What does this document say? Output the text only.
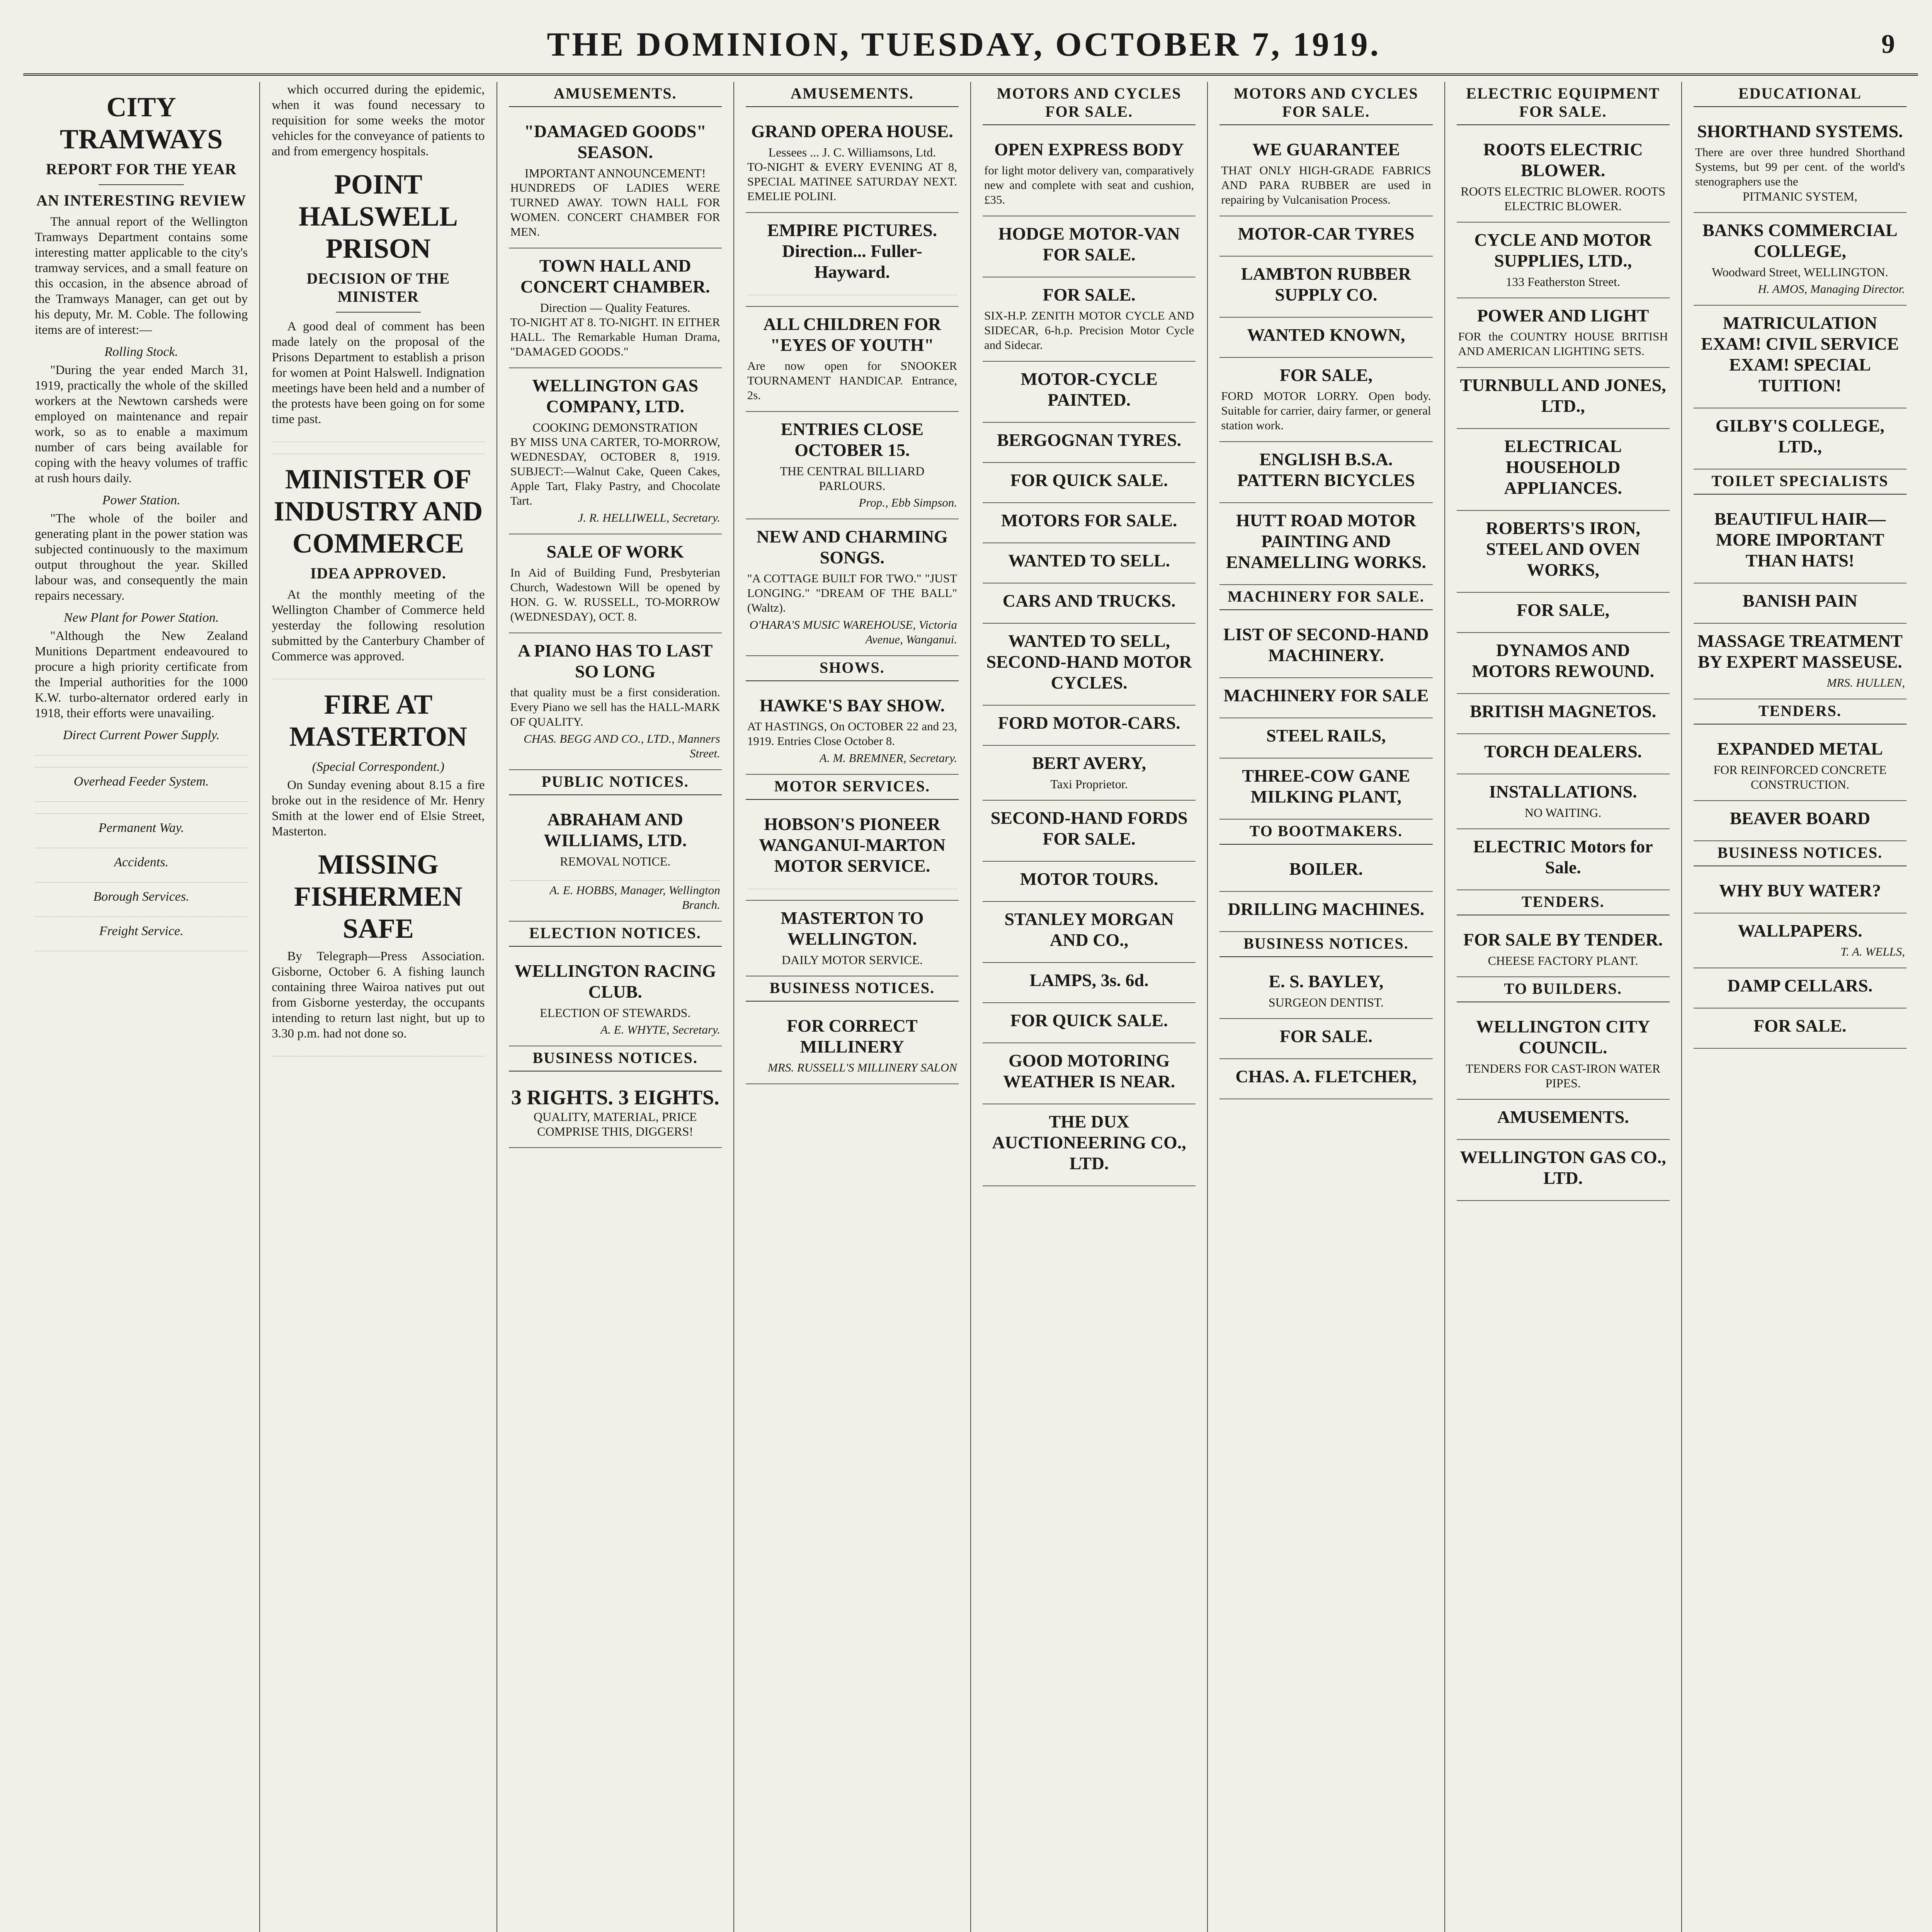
THE DOMINION, TUESDAY, OCTOBER 7, 1919.	9
CITY TRAMWAYS
REPORT FOR THE YEAR
AN INTERESTING REVIEW

The annual report of the Wellington Tramways Department contains some interesting matter applicable to the city's tramway services, and a small feature on this occasion, in the absence abroad of the Tramways Manager, can get out by his deputy, Mr. M. Coble. The following items are of interest:—

Rolling Stock.

"During the year ended March 31, 1919, practically the whole of the skilled workers at the Newtown carsheds were employed on maintenance and repair work, so as to enable a maximum number of cars being available for coping with the heavy volumes of traffic at rush hours daily.

Power Station.

"The whole of the boiler and generating plant in the power station was subjected continuously to the maximum output throughout the year. Skilled labour was, and consequently the main repairs necessary.

New Plant for Power Station.

"Although the New Zealand Munitions Department endeavoured to procure a high priority certificate from the Imperial authorities for the 1000 K.W. turbo-alternator ordered early in 1918, their efforts were unavailing.

Direct Current Power Supply.
Overhead Feeder System.
Permanent Way.
Accidents.
Borough Services.
Freight Service.

which occurred during the epidemic, when it was found necessary to requisition for some weeks the motor vehicles for the conveyance of patients to and from emergency hospitals.

POINT HALSWELL PRISON
DECISION OF THE MINISTER

A good deal of comment has been made lately on the proposal of the Prisons Department to establish a prison for women at Point Halswell. Indignation meetings have been held and a number of the protests have been going on for some time past.

MINISTER OF INDUSTRY AND COMMERCE
IDEA APPROVED.

At the monthly meeting of the Wellington Chamber of Commerce held yesterday the following resolution submitted by the Canterbury Chamber of Commerce was approved.

FIRE AT MASTERTON
(Special Correspondent.)

On Sunday evening about 8.15 a fire broke out in the residence of Mr. Henry Smith at the lower end of Elsie Street, Masterton.

MISSING FISHERMEN SAFE

By Telegraph—Press Association. Gisborne, October 6. A fishing launch containing three Wairoa natives put out from Gisborne yesterday, the occupants intending to return last night, but up to 3.30 p.m. had not done so.

AMUSEMENTS.
"DAMAGED GOODS" SEASON.
IMPORTANT ANNOUNCEMENT!
HUNDREDS OF LADIES WERE TURNED AWAY. TOWN HALL FOR WOMEN. CONCERT CHAMBER FOR MEN.
TOWN HALL AND CONCERT CHAMBER.
Direction — Quality Features.
TO-NIGHT AT 8. TO-NIGHT. IN EITHER HALL. The Remarkable Human Drama, "DAMAGED GOODS."
WELLINGTON GAS COMPANY, LTD.
COOKING DEMONSTRATION
BY MISS UNA CARTER, TO-MORROW, WEDNESDAY, OCTOBER 8, 1919. SUBJECT:—Walnut Cake, Queen Cakes, Apple Tart, Flaky Pastry, and Chocolate Tart.
J. R. HELLIWELL, Secretary.
SALE OF WORK
In Aid of Building Fund, Presbyterian Church, Wadestown Will be opened by HON. G. W. RUSSELL, TO-MORROW (WEDNESDAY), OCT. 8.
A PIANO HAS TO LAST SO LONG
that quality must be a first consideration. Every Piano we sell has the HALL-MARK OF QUALITY.
CHAS. BEGG AND CO., LTD., Manners Street.
PUBLIC NOTICES.
ABRAHAM AND WILLIAMS, LTD.
REMOVAL NOTICE.
A. E. HOBBS, Manager, Wellington Branch.
ELECTION NOTICES.
WELLINGTON RACING CLUB.
ELECTION OF STEWARDS.
A. E. WHYTE, Secretary.
BUSINESS NOTICES.
3 RIGHTS. 3 EIGHTS.
QUALITY, MATERIAL, PRICE COMPRISE THIS, DIGGERS!
AMUSEMENTS.
GRAND OPERA HOUSE.
Lessees ... J. C. Williamsons, Ltd.
TO-NIGHT & EVERY EVENING AT 8, SPECIAL MATINEE SATURDAY NEXT. EMELIE POLINI.
EMPIRE PICTURES. Direction... Fuller-Hayward.
ALL CHILDREN FOR "EYES OF YOUTH"
Are now open for SNOOKER TOURNAMENT HANDICAP. Entrance, 2s.
ENTRIES CLOSE OCTOBER 15.
THE CENTRAL BILLIARD PARLOURS.
Prop., Ebb Simpson.
NEW AND CHARMING SONGS.
"A COTTAGE BUILT FOR TWO." "JUST LONGING." "DREAM OF THE BALL" (Waltz).
O'HARA'S MUSIC WAREHOUSE, Victoria Avenue, Wanganui.
SHOWS.
HAWKE'S BAY SHOW.
AT HASTINGS, On OCTOBER 22 and 23, 1919. Entries Close October 8.
A. M. BREMNER, Secretary.
MOTOR SERVICES.
HOBSON'S PIONEER WANGANUI-MARTON MOTOR SERVICE.
MASTERTON TO WELLINGTON.
DAILY MOTOR SERVICE.
BUSINESS NOTICES.
FOR CORRECT MILLINERY
MRS. RUSSELL'S MILLINERY SALON
MOTORS AND CYCLES FOR SALE.
OPEN EXPRESS BODY
for light motor delivery van, comparatively new and complete with seat and cushion, £35.
HODGE MOTOR-VAN FOR SALE.
FOR SALE.
SIX-H.P. ZENITH MOTOR CYCLE AND SIDECAR, 6-h.p. Precision Motor Cycle and Sidecar.
MOTOR-CYCLE PAINTED.
BERGOGNAN TYRES.
FOR QUICK SALE.
MOTORS FOR SALE.
WANTED TO SELL.
CARS AND TRUCKS.
WANTED TO SELL, SECOND-HAND MOTOR CYCLES.
FORD MOTOR-CARS.
BERT AVERY,
Taxi Proprietor.
SECOND-HAND FORDS FOR SALE.
MOTOR TOURS.
STANLEY MORGAN AND CO.,
LAMPS, 3s. 6d.
FOR QUICK SALE.
GOOD MOTORING WEATHER IS NEAR.
THE DUX AUCTIONEERING CO., LTD.
MOTORS AND CYCLES FOR SALE.
WE GUARANTEE
THAT ONLY HIGH-GRADE FABRICS AND PARA RUBBER are used in repairing by Vulcanisation Process.
MOTOR-CAR TYRES
LAMBTON RUBBER SUPPLY CO.
WANTED KNOWN,
FOR SALE,
FORD MOTOR LORRY. Open body. Suitable for carrier, dairy farmer, or general station work.
ENGLISH B.S.A. PATTERN BICYCLES
HUTT ROAD MOTOR PAINTING AND ENAMELLING WORKS.
MACHINERY FOR SALE.
LIST OF SECOND-HAND MACHINERY.
MACHINERY FOR SALE
STEEL RAILS,
THREE-COW GANE MILKING PLANT,
TO BOOTMAKERS.
BOILER.
DRILLING MACHINES.
BUSINESS NOTICES.
E. S. BAYLEY,
SURGEON DENTIST.
FOR SALE.
CHAS. A. FLETCHER,
ELECTRIC EQUIPMENT FOR SALE.
ROOTS ELECTRIC BLOWER.
ROOTS ELECTRIC BLOWER. ROOTS ELECTRIC BLOWER.
CYCLE AND MOTOR SUPPLIES, LTD.,
133 Featherston Street.
POWER AND LIGHT
FOR the COUNTRY HOUSE BRITISH AND AMERICAN LIGHTING SETS.
TURNBULL AND JONES, LTD.,
ELECTRICAL HOUSEHOLD APPLIANCES.
ROBERTS'S IRON, STEEL AND OVEN WORKS,
FOR SALE,
DYNAMOS AND MOTORS REWOUND.
BRITISH MAGNETOS.
TORCH DEALERS.
INSTALLATIONS.
NO WAITING.
ELECTRIC Motors for Sale.
TENDERS.
FOR SALE BY TENDER.
CHEESE FACTORY PLANT.
TO BUILDERS.
WELLINGTON CITY COUNCIL.
TENDERS FOR CAST-IRON WATER PIPES.
AMUSEMENTS.
WELLINGTON GAS CO., LTD.
EDUCATIONAL
SHORTHAND SYSTEMS.
There are over three hundred Shorthand Systems, but 99 per cent. of the world's stenographers use the
PITMANIC SYSTEM,
BANKS COMMERCIAL COLLEGE,
Woodward Street, WELLINGTON.
H. AMOS, Managing Director.
MATRICULATION EXAM! CIVIL SERVICE EXAM! SPECIAL TUITION!
GILBY'S COLLEGE, LTD.,
TOILET SPECIALISTS
BEAUTIFUL HAIR—MORE IMPORTANT THAN HATS!
BANISH PAIN
MASSAGE TREATMENT BY EXPERT MASSEUSE.
MRS. HULLEN,
TENDERS.
EXPANDED METAL
FOR REINFORCED CONCRETE CONSTRUCTION.
BEAVER BOARD
BUSINESS NOTICES.
WHY BUY WATER?
WALLPAPERS.
T. A. WELLS,
DAMP CELLARS.
FOR SALE.
